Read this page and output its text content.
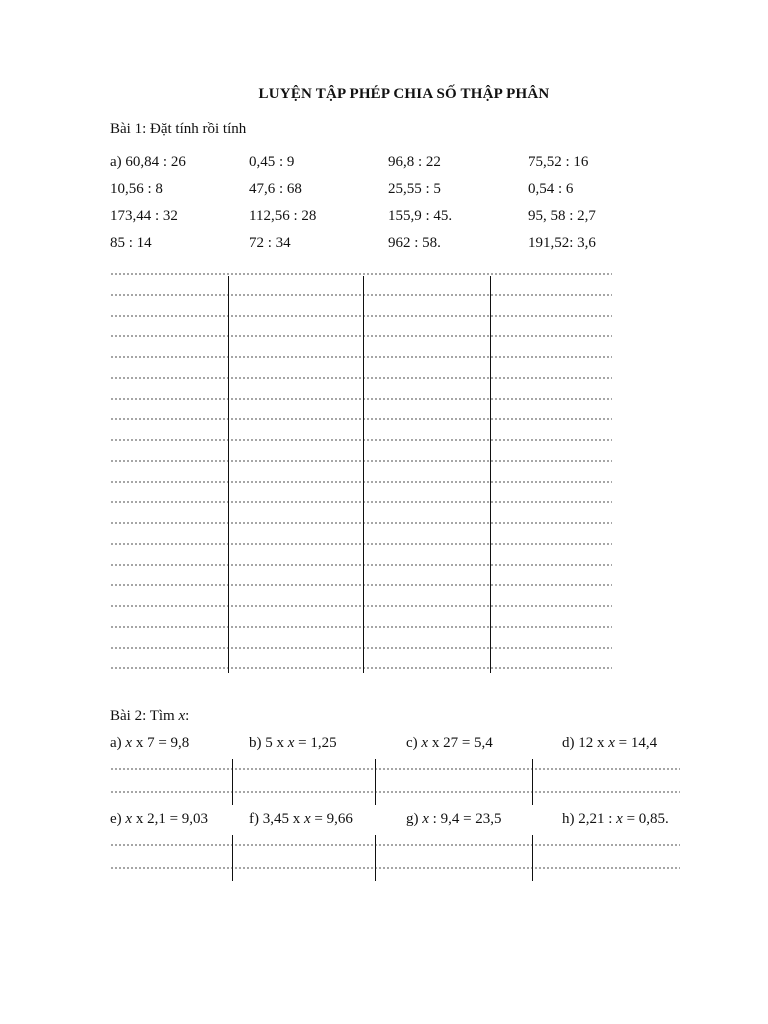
LUYỆN TẬP PHÉP CHIA SỐ THẬP PHÂN
Bài 1: Đặt tính rồi tính
a) 60,84 : 26	0,45 : 9	96,8 : 22	75,52 : 16
10,56 : 8	47,6 : 68	25,55 : 5	0,54 : 6
173,44 : 32	112,56 : 28	155,9 : 45.	95, 58 : 2,7
85 : 14	72 : 34	962 : 58.	191,52: 3,6
Bài 2: Tìm x:
a) x x 7 = 9,8	b) 5 x x = 1,25	c) x x 27 = 5,4	d) 12 x x = 14,4
e) x x 2,1 = 9,03	f) 3,45 x x = 9,66	g) x : 9,4 = 23,5	h) 2,21 : x = 0,85.
